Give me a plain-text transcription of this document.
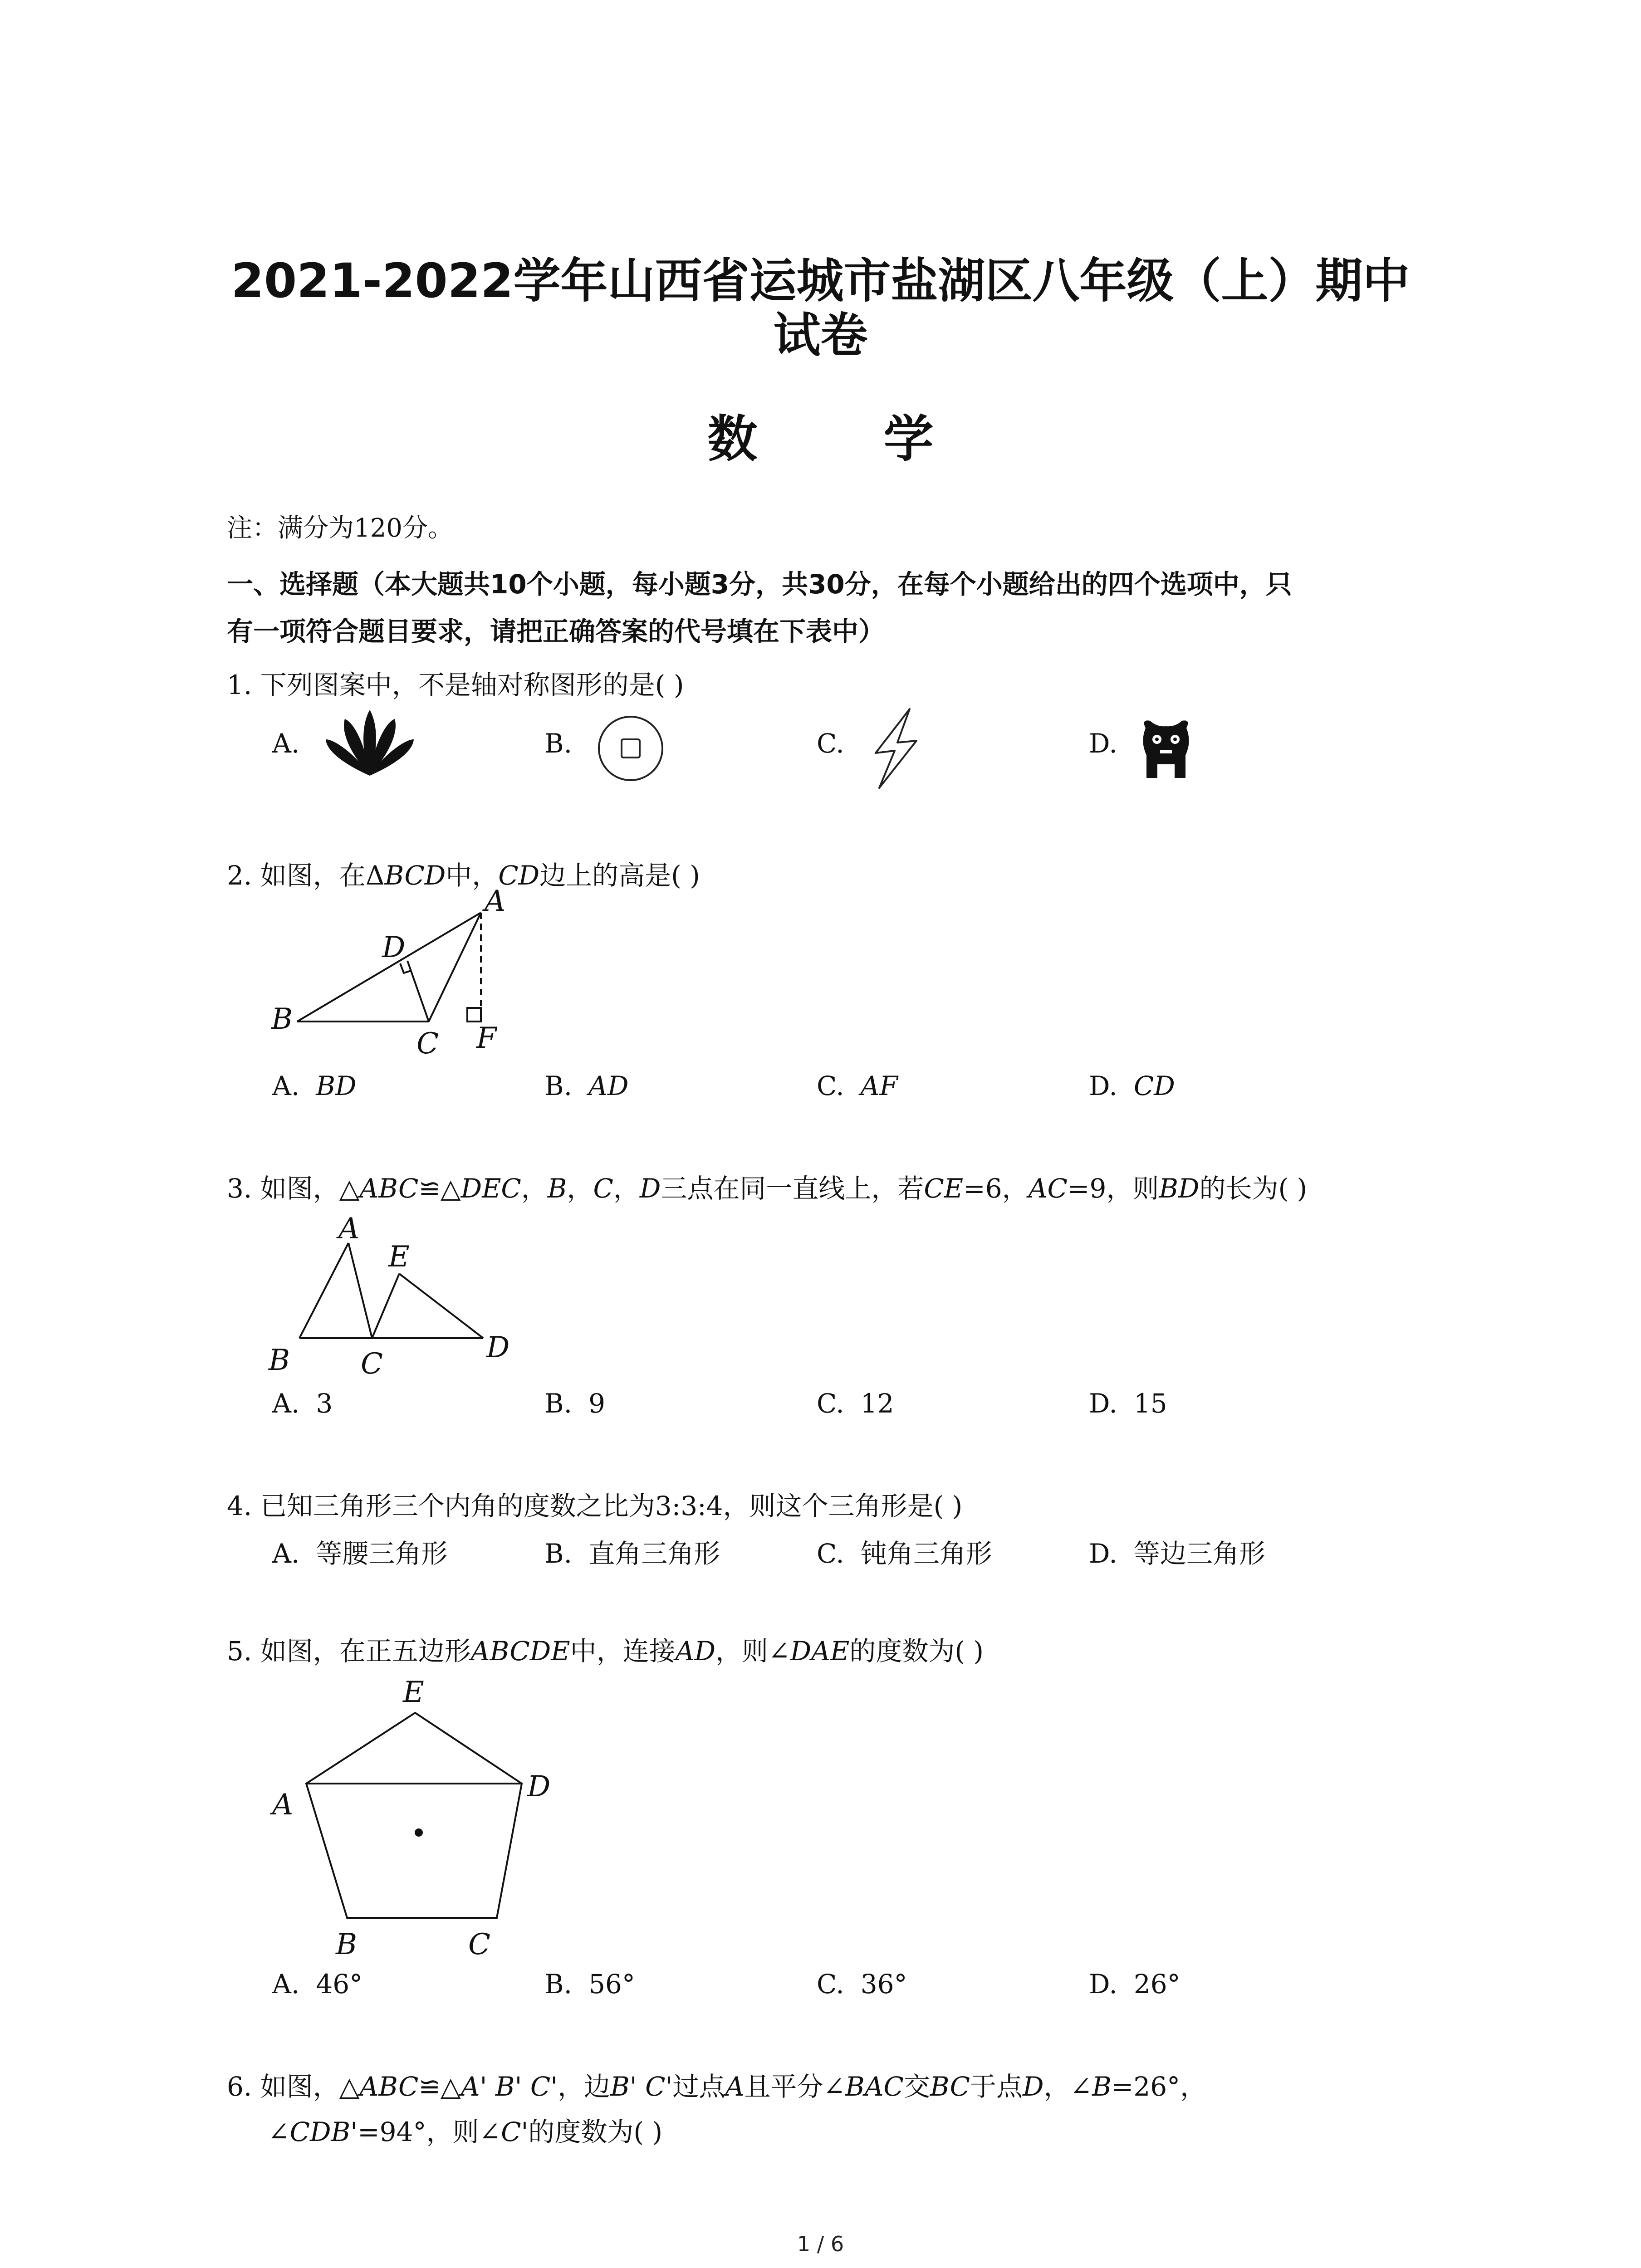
2021-2022学年山西省运城市盐湖区八年级（上）期中
试卷
数 学
注：满分为120分。
一、选择题（本大题共10个小题，每小题3分，共30分，在每个小题给出的四个选项中，只
有一项符合题目要求，请把正确答案的代号填在下表中）
1. 下列图案中，不是轴对称图形的是( )
A.	B.	C.	D.
2. 如图，在ΔBCD中，CD边上的高是( )
B
D
A
C F
A. BD	B. AD	C. AF	D. CD
3. 如图，△ABC≌△DEC，B，C，D三点在同一直线上，若CE=6，AC=9，则BD的长为( )
A
E
B C	D
A. 3	B. 9	C. 12	D. 15
4. 已知三角形三个内角的度数之比为3:3:4，则这个三角形是( )
A. 等腰三角形	B. 直角三角形	C. 钝角三角形	D. 等边三角形
5. 如图，在正五边形ABCDE中，连接AD，则∠DAE的度数为( )
E
A
D
B	C
A. 46°	B. 56°	C. 36°	D. 26°
6. 如图，△ABC≌△A' B' C'，边B' C'过点A且平分∠BAC交BC于点D，∠B=26°，
∠CDB'=94°，则∠C'的度数为( )
1 / 6
